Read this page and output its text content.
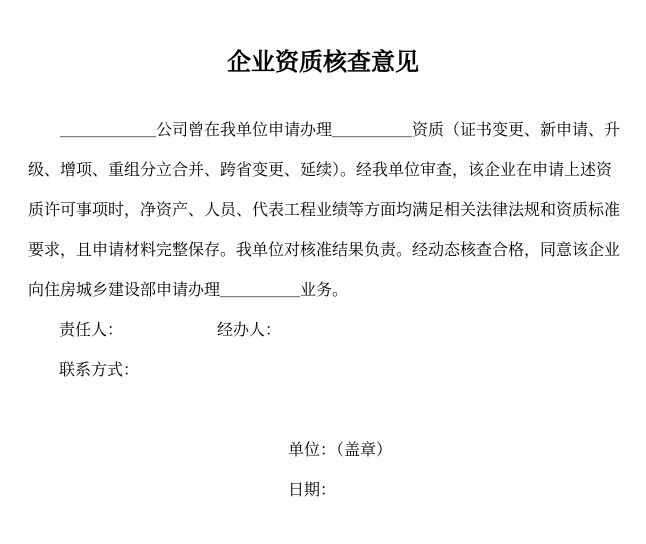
企业资质核查意见
＿＿＿＿＿＿公司曾在我单位申请办理＿＿＿＿＿资质（证书变更、新申请、升
级、增项、重组分立合并、跨省变更、延续）。经我单位审查，该企业在申请上述资
质许可事项时，净资产、人员、代表工程业绩等方面均满足相关法律法规和资质标准
要求，且申请材料完整保存。我单位对核准结果负责。经动态核查合格，同意该企业
向住房城乡建设部申请办理＿＿＿＿＿业务。
责任人：	经办人：
联系方式：
单位：（盖章）
日期：
